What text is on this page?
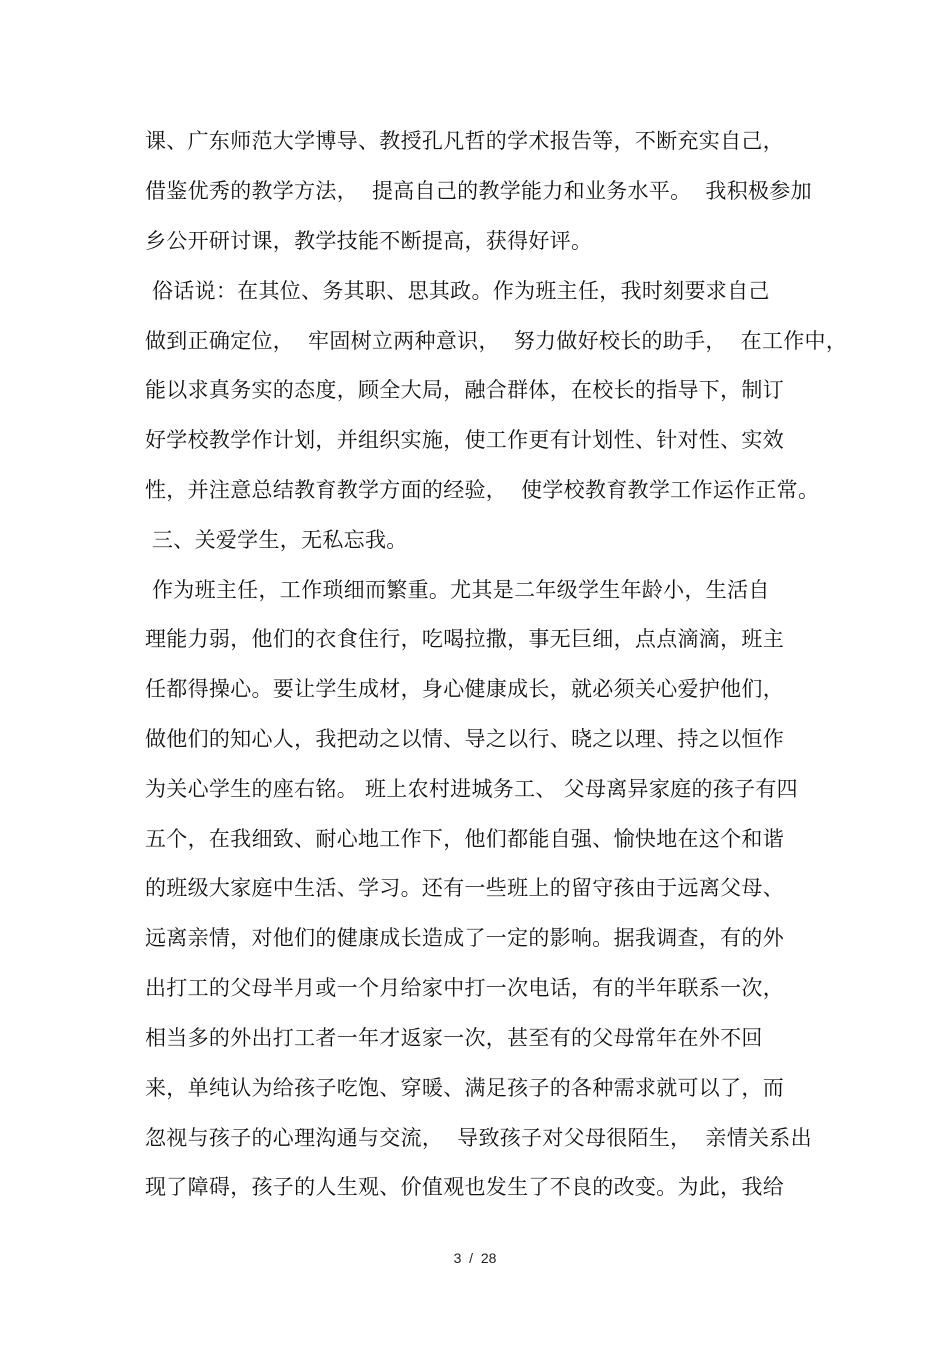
课、广东师范大学博导、教授孔凡哲的学术报告等，不断充实自己，
借鉴优秀的教学方法，  提高自己的教学能力和业务水平。  我积极参加
乡公开研讨课，教学技能不断提高，获得好评。
俗话说：在其位、务其职、思其政。作为班主任，我时刻要求自己
做到正确定位，  牢固树立两种意识，  努力做好校长的助手，  在工作中，
能以求真务实的态度，顾全大局，融合群体，在校长的指导下，制订
好学校教学作计划，并组织实施，使工作更有计划性、针对性、实效
性，并注意总结教育教学方面的经验，  使学校教育教学工作运作正常。
三、关爱学生，无私忘我。
作为班主任，工作琐细而繁重。尤其是二年级学生年龄小，生活自
理能力弱，他们的衣食住行，吃喝拉撒，事无巨细，点点滴滴，班主
任都得操心。要让学生成材，身心健康成长，就必须关心爱护他们，
做他们的知心人，我把动之以情、导之以行、晓之以理、持之以恒作
为关心学生的座右铭。 班上农村进城务工、 父母离异家庭的孩子有四
五个，在我细致、耐心地工作下，他们都能自强、愉快地在这个和谐
的班级大家庭中生活、学习。还有一些班上的留守孩由于远离父母、
远离亲情，对他们的健康成长造成了一定的影响。据我调查，有的外
出打工的父母半月或一个月给家中打一次电话，有的半年联系一次，
相当多的外出打工者一年才返家一次，甚至有的父母常年在外不回
来，单纯认为给孩子吃饱、穿暖、满足孩子的各种需求就可以了，而
忽视与孩子的心理沟通与交流，  导致孩子对父母很陌生，  亲情关系出
现了障碍，孩子的人生观、价值观也发生了不良的改变。为此，我给
3  /  28
